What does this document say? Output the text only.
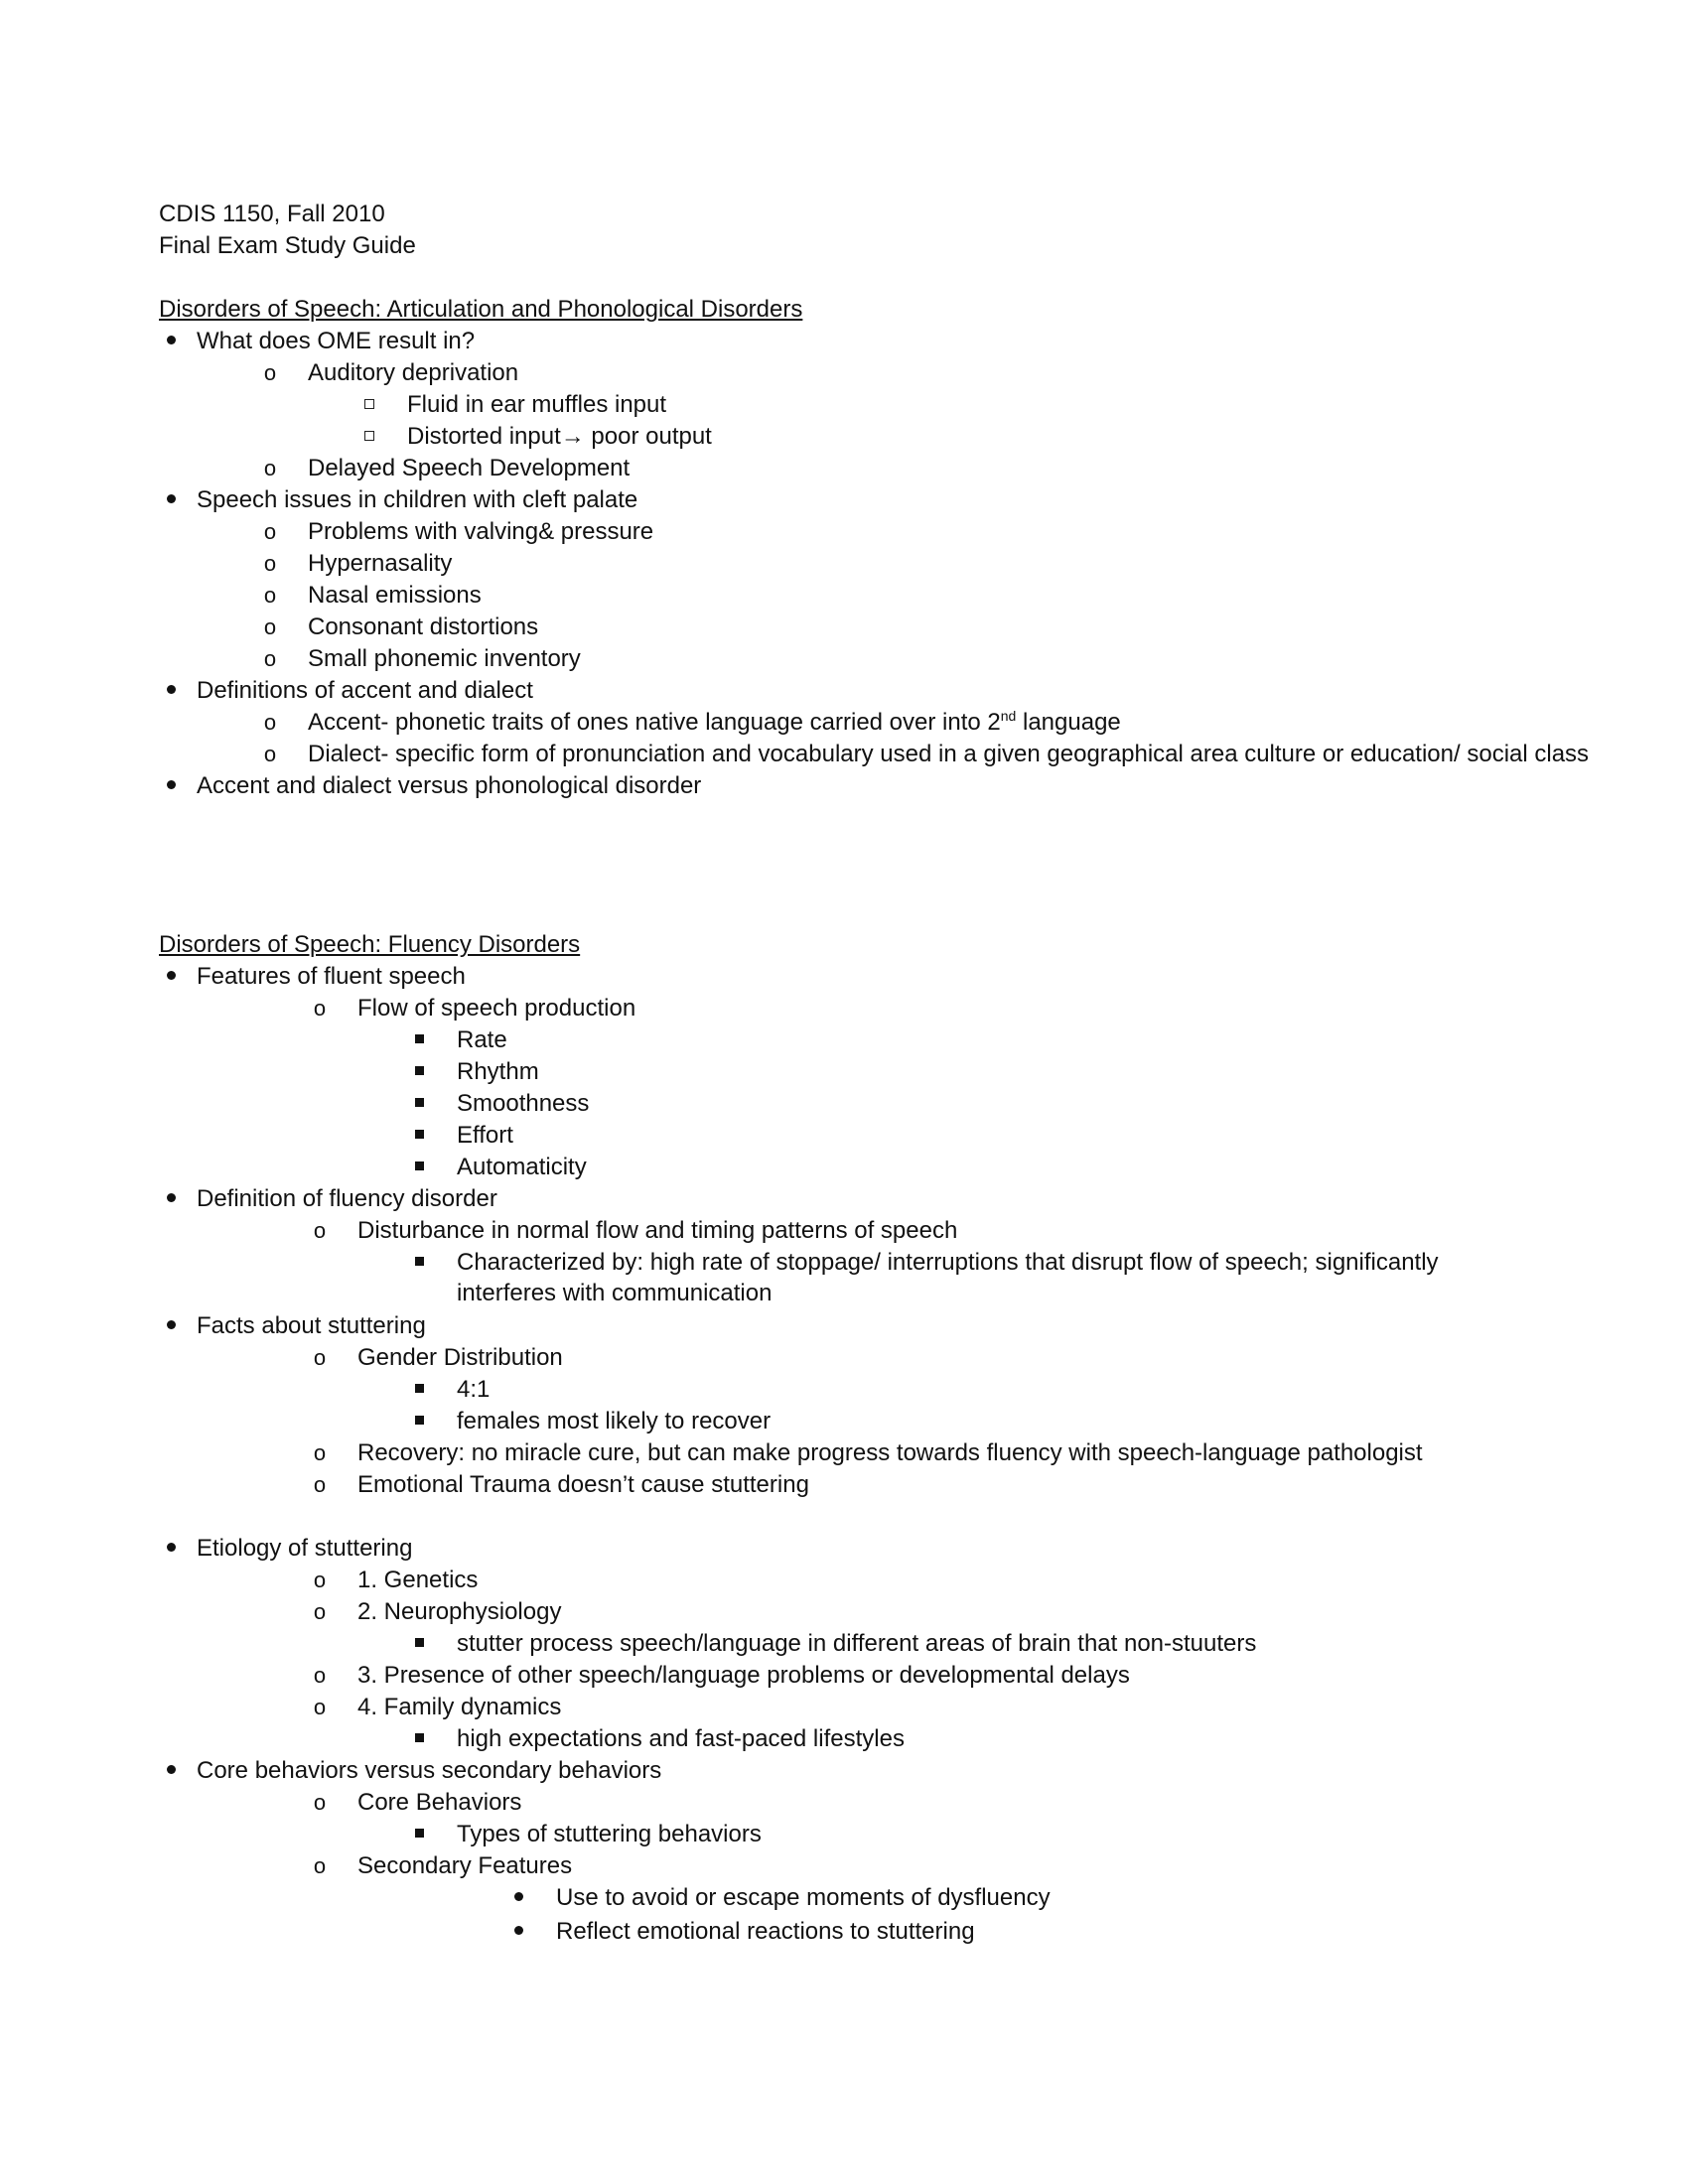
CDIS 1150, Fall 2010
Final Exam Study Guide
Disorders of Speech: Articulation and Phonological Disorders
What does OME result in?
o Auditory deprivation
Fluid in ear muffles input
Distorted input→ poor output
o Delayed Speech Development
Speech issues in children with cleft palate
o Problems with valving& pressure
o Hypernasality
o Nasal emissions
o Consonant distortions
o Small phonemic inventory
Definitions of accent and dialect
o Accent- phonetic traits of ones native language carried over into 2nd language
o Dialect- specific form of pronunciation and vocabulary used in a given geographical area culture or education/ social class
Accent and dialect versus phonological disorder
Disorders of Speech: Fluency Disorders
Features of fluent speech
o Flow of speech production
Rate
Rhythm
Smoothness
Effort
Automaticity
Definition of fluency disorder
o Disturbance in normal flow and timing patterns of speech
Characterized by: high rate of stoppage/ interruptions that disrupt flow of speech; significantly interferes with communication
Facts about stuttering
o Gender Distribution
4:1
females most likely to recover
o Recovery: no miracle cure, but can make progress towards fluency with speech-language pathologist
o Emotional Trauma doesn’t cause stuttering
Etiology of stuttering
o 1. Genetics
o 2. Neurophysiology
stutter process speech/language in different areas of brain that non-stuuters
o 3. Presence of other speech/language problems or developmental delays
o 4. Family dynamics
high expectations and fast-paced lifestyles
Core behaviors versus secondary behaviors
o Core Behaviors
Types of stuttering behaviors
o Secondary Features
Use to avoid or escape moments of dysfluency
Reflect emotional reactions to stuttering
